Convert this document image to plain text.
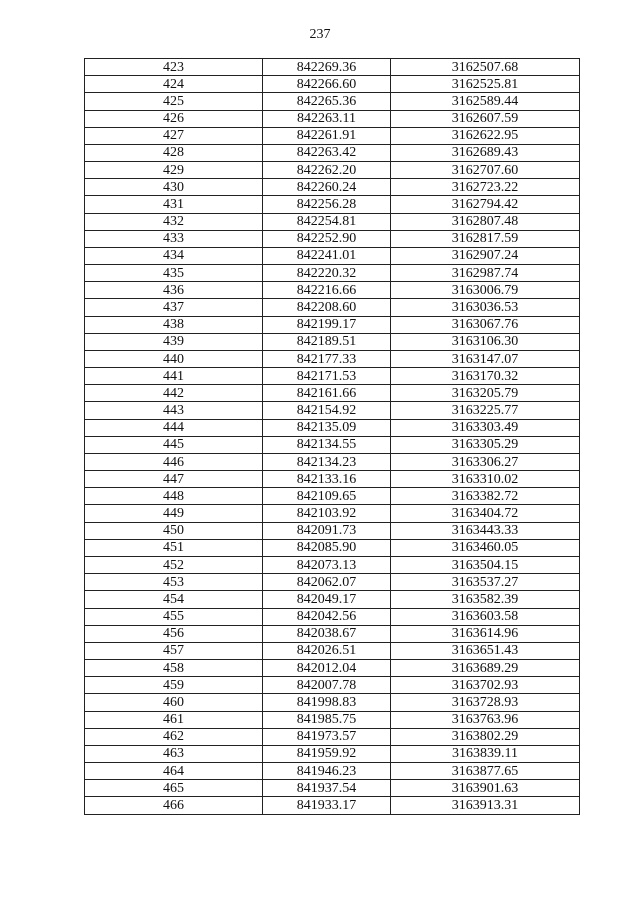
237
423	842269.36	3162507.68
424	842266.60	3162525.81
425	842265.36	3162589.44
426	842263.11	3162607.59
427	842261.91	3162622.95
428	842263.42	3162689.43
429	842262.20	3162707.60
430	842260.24	3162723.22
431	842256.28	3162794.42
432	842254.81	3162807.48
433	842252.90	3162817.59
434	842241.01	3162907.24
435	842220.32	3162987.74
436	842216.66	3163006.79
437	842208.60	3163036.53
438	842199.17	3163067.76
439	842189.51	3163106.30
440	842177.33	3163147.07
441	842171.53	3163170.32
442	842161.66	3163205.79
443	842154.92	3163225.77
444	842135.09	3163303.49
445	842134.55	3163305.29
446	842134.23	3163306.27
447	842133.16	3163310.02
448	842109.65	3163382.72
449	842103.92	3163404.72
450	842091.73	3163443.33
451	842085.90	3163460.05
452	842073.13	3163504.15
453	842062.07	3163537.27
454	842049.17	3163582.39
455	842042.56	3163603.58
456	842038.67	3163614.96
457	842026.51	3163651.43
458	842012.04	3163689.29
459	842007.78	3163702.93
460	841998.83	3163728.93
461	841985.75	3163763.96
462	841973.57	3163802.29
463	841959.92	3163839.11
464	841946.23	3163877.65
465	841937.54	3163901.63
466	841933.17	3163913.31
